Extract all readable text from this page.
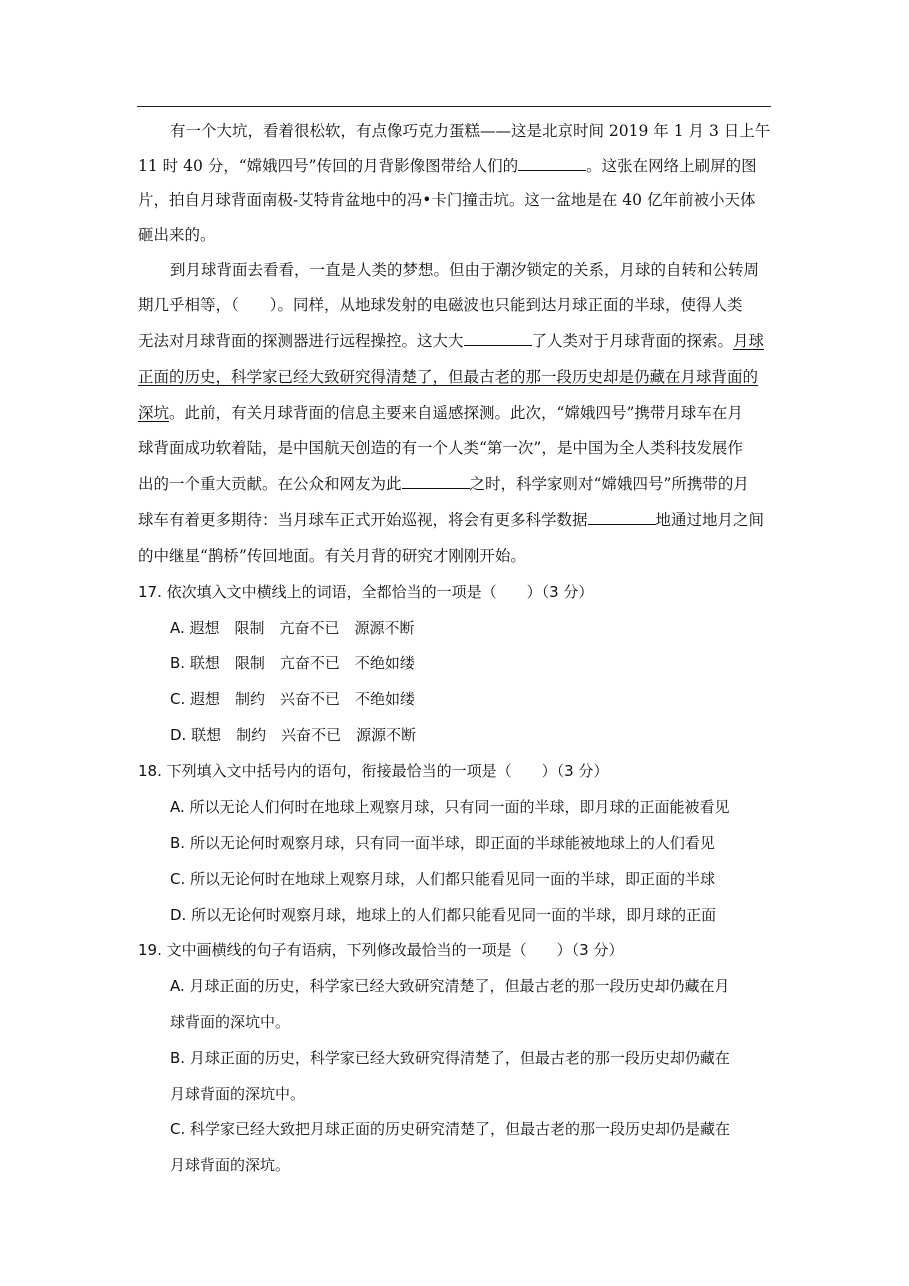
有一个大坑，看着很松软，有点像巧克力蛋糕——这是北京时间 2019 年 1 月 3 日上午
11 时 40 分，“嫦娥四号”传回的月背影像图带给人们的	。这张在网络上刷屏的图
片，拍自月球背面南极-艾特肯盆地中的冯•卡门撞击坑。这一盆地是在 40 亿年前被小天体
砸出来的。
到月球背面去看看，一直是人类的梦想。但由于潮汐锁定的关系，月球的自转和公转周
期几乎相等，（　　）。同样，从地球发射的电磁波也只能到达月球正面的半球，使得人类
无法对月球背面的探测器进行远程操控。这大大	了人类对于月球背面的探索。月球
正面的历史，科学家已经大致研究得清楚了，但最古老的那一段历史却是仍藏在月球背面的
深坑。此前，有关月球背面的信息主要来自遥感探测。此次，“嫦娥四号”携带月球车在月
球背面成功软着陆，是中国航天创造的有一个人类“第一次”，是中国为全人类科技发展作
出的一个重大贡献。在公众和网友为此	之时，科学家则对“嫦娥四号”所携带的月
球车有着更多期待：当月球车正式开始巡视，将会有更多科学数据	地通过地月之间
的中继星“鹊桥”传回地面。有关月背的研究才刚刚开始。
17. 依次填入文中横线上的词语，全都恰当的一项是（　　）（3 分）
A. 遐想　限制　亢奋不已　源源不断
B. 联想　限制　亢奋不已　不绝如缕
C. 遐想　制约　兴奋不已　不绝如缕
D. 联想　制约　兴奋不已　源源不断
18. 下列填入文中括号内的语句，衔接最恰当的一项是（　　）（3 分）
A. 所以无论人们何时在地球上观察月球，只有同一面的半球，即月球的正面能被看见
B. 所以无论何时观察月球，只有同一面半球，即正面的半球能被地球上的人们看见
C. 所以无论何时在地球上观察月球，人们都只能看见同一面的半球，即正面的半球
D. 所以无论何时观察月球，地球上的人们都只能看见同一面的半球，即月球的正面
19. 文中画横线的句子有语病，下列修改最恰当的一项是（　　）（3 分）
A. 月球正面的历史，科学家已经大致研究清楚了，但最古老的那一段历史却仍藏在月
球背面的深坑中。
B. 月球正面的历史，科学家已经大致研究得清楚了，但最古老的那一段历史却仍藏在
月球背面的深坑中。
C. 科学家已经大致把月球正面的历史研究清楚了，但最古老的那一段历史却仍是藏在
月球背面的深坑。
